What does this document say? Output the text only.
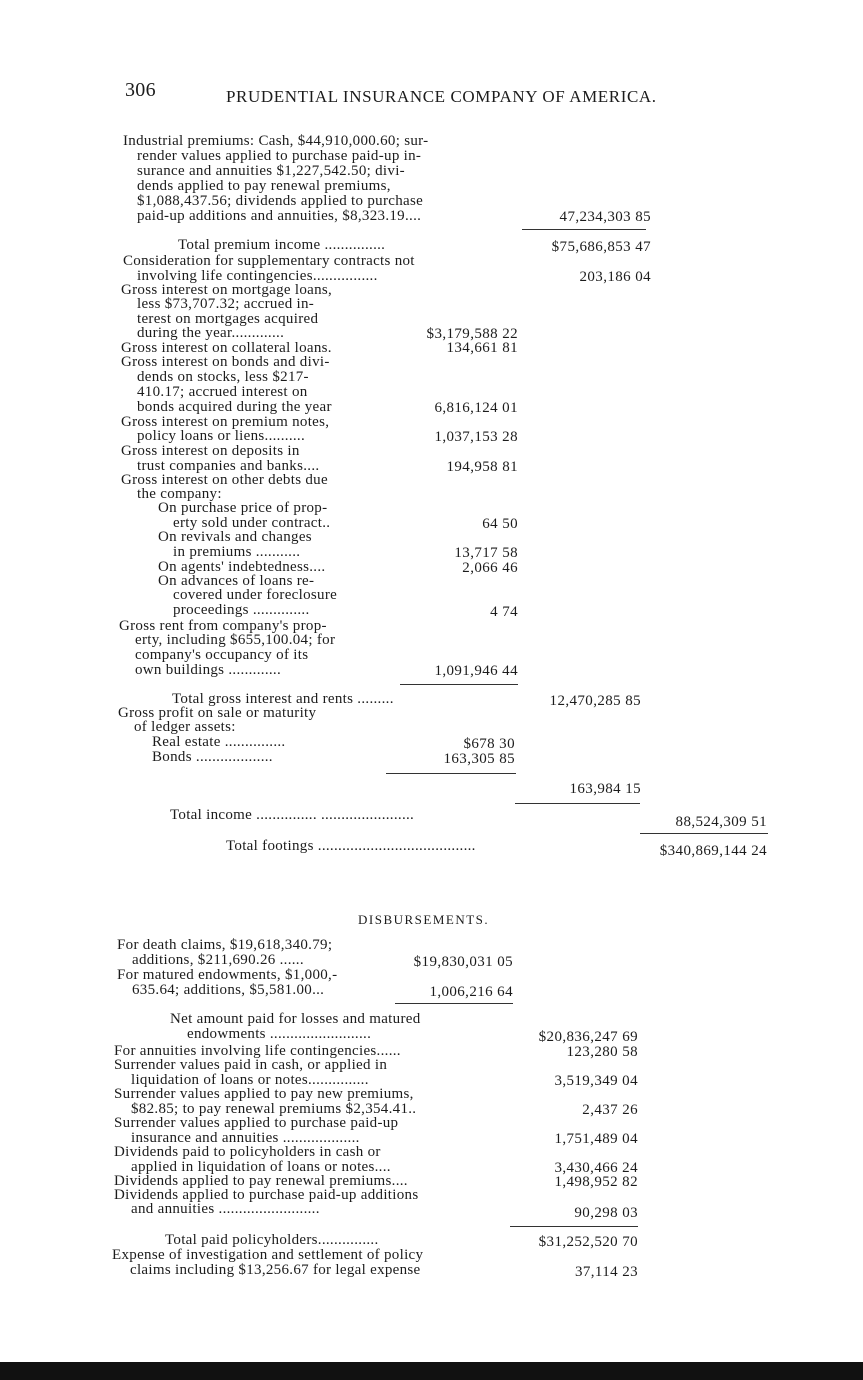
306	PRUDENTIAL INSURANCE COMPANY OF AMERICA.
Industrial premiums: Cash, $44,910,000.60; sur-
render values applied to purchase paid-up in-
surance and annuities $1,227,542.50; divi-
dends applied to pay renewal premiums,
$1,088,437.56; dividends applied to purchase
paid-up additions and annuities, $8,323.19....	47,234,303 85
Total premium income ...............	$75,686,853 47
Consideration for supplementary contracts not
involving life contingencies................	203,186 04
Gross interest on mortgage loans,
less $73,707.32; accrued in-
terest on mortgages acquired
during the year.............	$3,179,588 22
Gross interest on collateral loans.	134,661 81
Gross interest on bonds and divi-
dends on stocks, less $217-
410.17; accrued interest on
bonds acquired during the year	6,816,124 01
Gross interest on premium notes,
policy loans or liens..........	1,037,153 28
Gross interest on deposits in
trust companies and banks....	194,958 81
Gross interest on other debts due
the company:
On purchase price of prop-
erty sold under contract..	64 50
On revivals and changes
in premiums ...........	13,717 58
On agents' indebtedness....	2,066 46
On advances of loans re-
covered under foreclosure
proceedings ..............	4 74
Gross rent from company's prop-
erty, including $655,100.04; for
company's occupancy of its
own buildings .............	1,091,946 44
Total gross interest and rents .........	12,470,285 85
Gross profit on sale or maturity
of ledger assets:
Real estate ...............	$678 30
Bonds ...................	163,305 85
163,984 15
Total income ............... .......................	88,524,309 51
Total footings .......................................	$340,869,144 24
DISBURSEMENTS.
For death claims, $19,618,340.79;
additions, $211,690.26 ......	$19,830,031 05
For matured endowments, $1,000,-
635.64; additions, $5,581.00...	1,006,216 64
Net amount paid for losses and matured
endowments .........................	$20,836,247 69
For annuities involving life contingencies......	123,280 58
Surrender values paid in cash, or applied in
liquidation of loans or notes...............	3,519,349 04
Surrender values applied to pay new premiums,
$82.85; to pay renewal premiums $2,354.41..	2,437 26
Surrender values applied to purchase paid-up
insurance and annuities ...................	1,751,489 04
Dividends paid to policyholders in cash or
applied in liquidation of loans or notes....	3,430,466 24
Dividends applied to pay renewal premiums....	1,498,952 82
Dividends applied to purchase paid-up additions
and annuities .........................	90,298 03
Total paid policyholders...............	$31,252,520 70
Expense of investigation and settlement of policy
claims including $13,256.67 for legal expense	37,114 23
